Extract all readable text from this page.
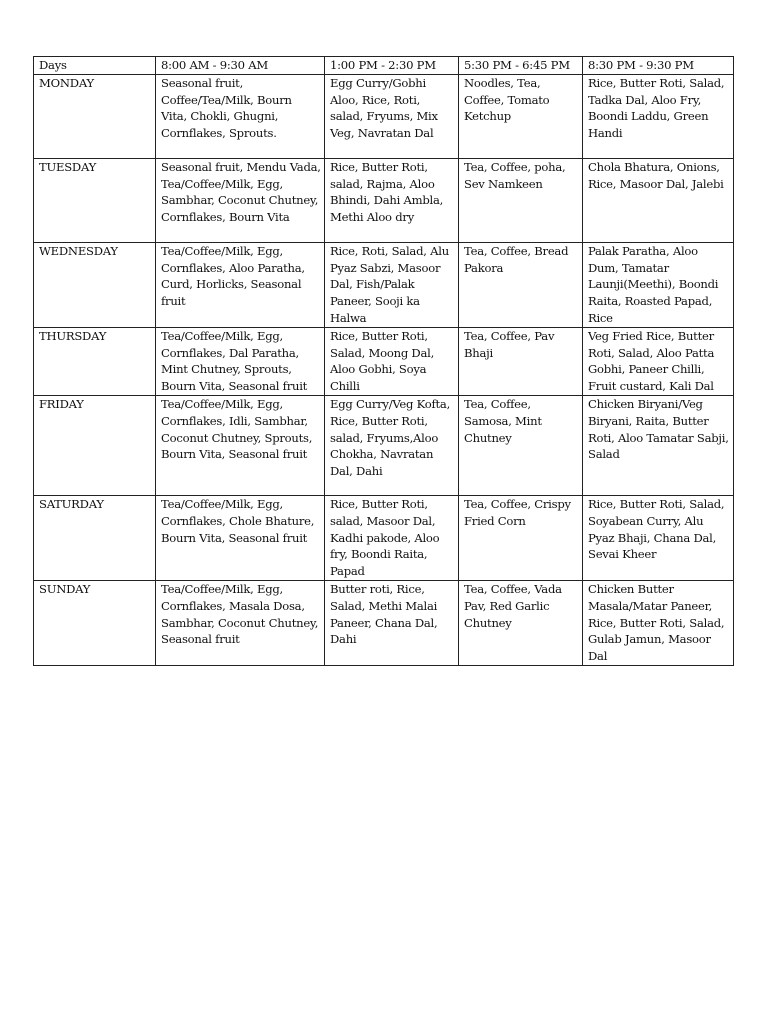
Days	8:00 AM - 9:30 AM	1:00 PM - 2:30 PM	5:30 PM - 6:45 PM	8:30 PM - 9:30 PM
MONDAY	Seasonal fruit, Coffee/Tea/Milk, Bourn Vita, Chokli, Ghugni, Cornflakes, Sprouts.	Egg Curry/Gobhi Aloo, Rice, Roti, salad, Fryums, Mix Veg, Navratan Dal	Noodles, Tea, Coffee, Tomato Ketchup	Rice, Butter Roti, Salad, Tadka Dal, Aloo Fry, Boondi Laddu, Green Handi
TUESDAY	Seasonal fruit, Mendu Vada, Tea/Coffee/Milk, Egg, Sambhar, Coconut Chutney, Cornflakes, Bourn Vita	Rice, Butter Roti, salad, Rajma, Aloo Bhindi, Dahi Ambla, Methi Aloo dry	Tea, Coffee, poha, Sev Namkeen	Chola Bhatura, Onions, Rice, Masoor Dal, Jalebi
WEDNESDAY	Tea/Coffee/Milk, Egg, Cornflakes, Aloo Paratha, Curd, Horlicks, Seasonal fruit	Rice, Roti, Salad, Alu Pyaz Sabzi, Masoor Dal, Fish/Palak Paneer, Sooji ka Halwa	Tea, Coffee, Bread Pakora	Palak Paratha, Aloo Dum, Tamatar Launji(Meethi), Boondi Raita, Roasted Papad, Rice
THURSDAY	Tea/Coffee/Milk, Egg, Cornflakes, Dal Paratha, Mint Chutney, Sprouts, Bourn Vita, Seasonal fruit	Rice, Butter Roti, Salad, Moong Dal, Aloo Gobhi, Soya Chilli	Tea, Coffee, Pav Bhaji	Veg Fried Rice, Butter Roti, Salad, Aloo Patta Gobhi, Paneer Chilli, Fruit custard, Kali Dal
FRIDAY	Tea/Coffee/Milk, Egg, Cornflakes, Idli, Sambhar, Coconut Chutney, Sprouts, Bourn Vita, Seasonal fruit	Egg Curry/Veg Kofta, Rice, Butter Roti, salad, Fryums,Aloo Chokha, Navratan Dal, Dahi	Tea, Coffee, Samosa, Mint Chutney	Chicken Biryani/Veg Biryani, Raita, Butter Roti, Aloo Tamatar Sabji, Salad
SATURDAY	Tea/Coffee/Milk, Egg, Cornflakes, Chole Bhature, Bourn Vita, Seasonal fruit	Rice, Butter Roti, salad, Masoor Dal, Kadhi pakode, Aloo fry, Boondi Raita, Papad	Tea, Coffee, Crispy Fried Corn	Rice, Butter Roti, Salad, Soyabean Curry, Alu Pyaz Bhaji, Chana Dal, Sevai Kheer
SUNDAY	Tea/Coffee/Milk, Egg, Cornflakes, Masala Dosa, Sambhar, Coconut Chutney, Seasonal fruit	Butter roti, Rice, Salad, Methi Malai Paneer, Chana Dal, Dahi	Tea, Coffee, Vada Pav, Red Garlic Chutney	Chicken Butter Masala/Matar Paneer, Rice, Butter Roti, Salad, Gulab Jamun, Masoor Dal
